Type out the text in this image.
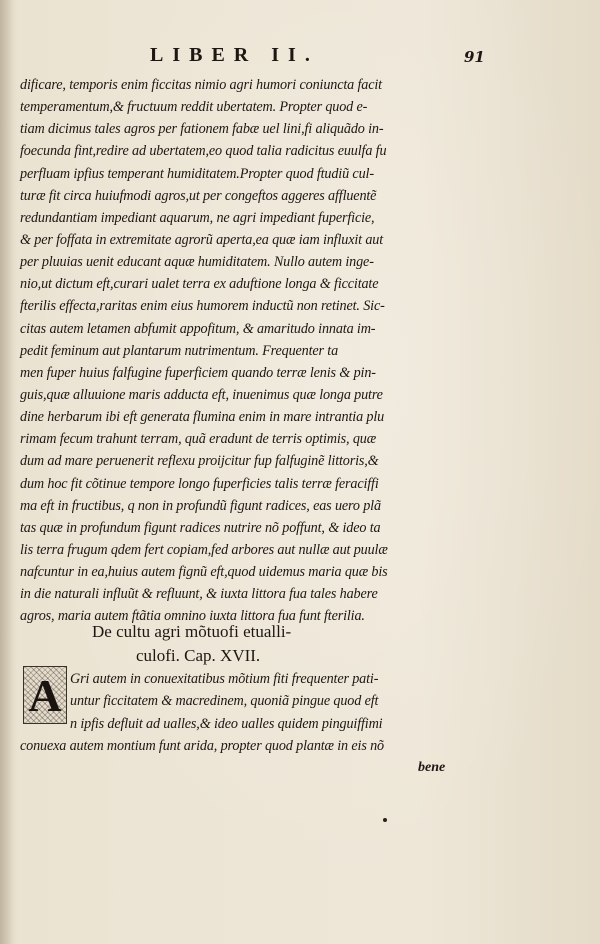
LIBER II.	91
dificare, temporis enim ficcitas nimio agri humori coniuncta facit
temperamentum,& fructuum reddit ubertatem. Propter quod e-
tiam dicimus tales agros per fationem fabæ uel lini,fi aliquãdo in-
foecunda fint,redire ad ubertatem,eo quod talia radicitus euulfa fu
perfluam ipfius temperant humiditatem.Propter quod ftudiũ cul-
turæ fit circa huiufmodi agros,ut per congeftos aggeres affluentẽ
redundantiam impediant aquarum, ne agri impediant fuperficie,
& per foffata in extremitate agrorũ aperta,ea quæ iam influxit aut
per pluuias uenit educant aquæ humiditatem. Nullo autem inge-
nio,ut dictum eft,curari ualet terra ex aduftione longa & ficcitate
fterilis effecta,raritas enim eius humorem inductũ non retinet. Sic-
citas autem letamen abfumit appofitum, & amaritudo innata im-
pedit feminum aut plantarum nutrimentum. Frequenter ta
men fuper huius falfugine fuperficiem quando terræ lenis & pin-
guis,quæ alluuione maris adducta eft, inuenimus quæ longa putre
dine herbarum ibi eft generata flumina enim in mare intrantia plu
rimam fecum trahunt terram, quã eradunt de terris optimis, quæ
dum ad mare peruenerit reflexu proijcitur fup falfuginẽ littoris,&
dum hoc fit cõtinue tempore longo fuperficies talis terræ feraciffi
ma eft in fructibus, q non in profundũ figunt radices, eas uero plã
tas quæ in profundum figunt radices nutrire nõ poffunt, & ideo ta
lis terra frugum qdem fert copiam,fed arbores aut nullæ aut puulæ
nafcuntur in ea,huius autem fignũ eft,quod uidemus maria quæ bis
in die naturali influũt & refluunt, & iuxta littora fua tales habere
agros, maria autem ftãtia omnino iuxta littora fua funt fterilia.
De cultu agri mõtuofi etualli-
culofi. Cap. XVII.
A Gri autem in conuexitatibus mõtium fiti frequenter pati-
untur ficcitatem & macredinem, quoniã pingue quod eft
n ipfis defluit ad ualles,& ideo ualles quidem pinguiffimi
conuexa autem montium funt arida, propter quod plantæ in eis nõ
bene
